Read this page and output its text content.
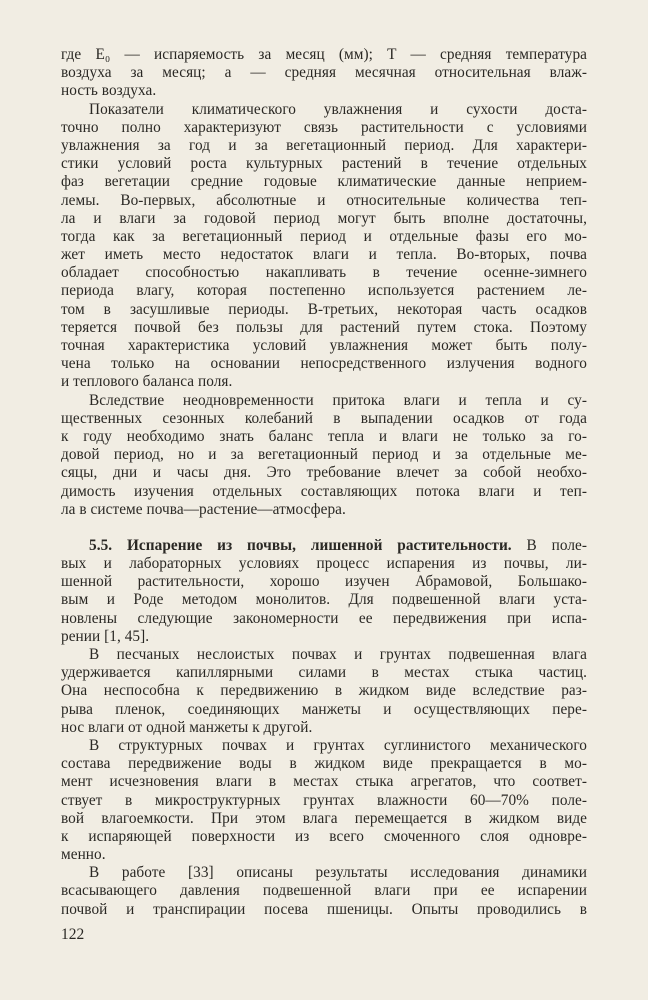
где E₀ — испаряемость за месяц (мм); T — средняя температура
воздуха за месяц; a — средняя месячная относительная влаж-
ность воздуха.
Показатели климатического увлажнения и сухости доста-
точно полно характеризуют связь растительности с условиями
увлажнения за год и за вегетационный период. Для характери-
стики условий роста культурных растений в течение отдельных
фаз вегетации средние годовые климатические данные неприем-
лемы. Во-первых, абсолютные и относительные количества теп-
ла и влаги за годовой период могут быть вполне достаточны,
тогда как за вегетационный период и отдельные фазы его мо-
жет иметь место недостаток влаги и тепла. Во-вторых, почва
обладает способностью накапливать в течение осенне-зимнего
периода влагу, которая постепенно используется растением ле-
том в засушливые периоды. В-третьих, некоторая часть осадков
теряется почвой без пользы для растений путем стока. Поэтому
точная характеристика условий увлажнения может быть полу-
чена только на основании непосредственного излучения водного
и теплового баланса поля.
Вследствие неодновременности притока влаги и тепла и су-
щественных сезонных колебаний в выпадении осадков от года
к году необходимо знать баланс тепла и влаги не только за го-
довой период, но и за вегетационный период и за отдельные ме-
сяцы, дни и часы дня. Это требование влечет за собой необхо-
димость изучения отдельных составляющих потока влаги и теп-
ла в системе почва—растение—атмосфера.
5.5. Испарение из почвы, лишенной растительности. В поле-
вых и лабораторных условиях процесс испарения из почвы, ли-
шенной растительности, хорошо изучен Абрамовой, Большако-
вым и Роде методом монолитов. Для подвешенной влаги уста-
новлены следующие закономерности ее передвижения при испа-
рении [1, 45].
В песчаных неслоистых почвах и грунтах подвешенная влага
удерживается капиллярными силами в местах стыка частиц.
Она неспособна к передвижению в жидком виде вследствие раз-
рыва пленок, соединяющих манжеты и осуществляющих пере-
нос влаги от одной манжеты к другой.
В структурных почвах и грунтах суглинистого механического
состава передвижение воды в жидком виде прекращается в мо-
мент исчезновения влаги в местах стыка агрегатов, что соответ-
ствует в микроструктурных грунтах влажности 60—70% поле-
вой влагоемкости. При этом влага перемещается в жидком виде
к испаряющей поверхности из всего смоченного слоя одновре-
менно.
В работе [33] описаны результаты исследования динамики
всасывающего давления подвешенной влаги при ее испарении
почвой и транспирации посева пшеницы. Опыты проводились в
122
